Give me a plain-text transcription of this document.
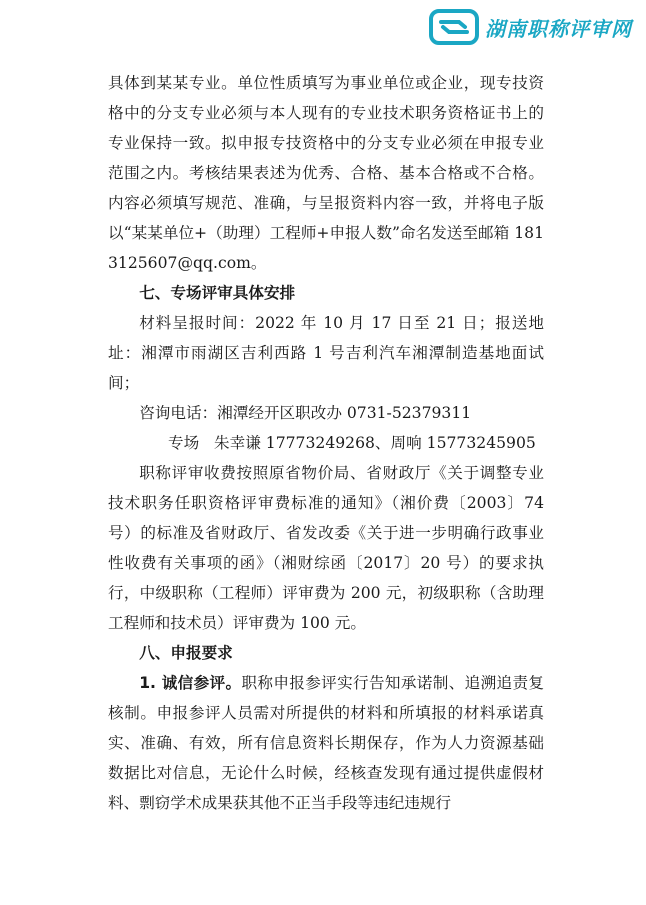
湖南职称评审网

具体到某某专业。单位性质填写为事业单位或企业，现专技资格中的分支专业必须与本人现有的专业技术职务资格证书上的专业保持一致。拟申报专技资格中的分支专业必须在申报专业范围之内。考核结果表述为优秀、合格、基本合格或不合格。内容必须填写规范、准确，与呈报资料内容一致，并将电子版以“某某单位+（助理）工程师+申报人数”命名发送至邮箱 1813125607@qq.com。

七、专场评审具体安排

材料呈报时间：2022 年 10 月 17 日至 21 日；报送地址：湘潭市雨湖区吉利西路 1 号吉利汽车湘潭制造基地面试间；

咨询电话：湘潭经开区职改办 0731-52379311

专场   朱幸谦 17773249268、周响 15773245905

职称评审收费按照原省物价局、省财政厅《关于调整专业技术职务任职资格评审费标准的通知》（湘价费〔2003〕74 号）的标准及省财政厅、省发改委《关于进一步明确行政事业性收费有关事项的函》（湘财综函〔2017〕20 号）的要求执行，中级职称（工程师）评审费为 200 元，初级职称（含助理工程师和技术员）评审费为 100 元。

八、申报要求

1. 诚信参评。职称申报参评实行告知承诺制、追溯追责复核制。申报参评人员需对所提供的材料和所填报的材料承诺真实、准确、有效，所有信息资料长期保存，作为人力资源基础数据比对信息，无论什么时候，经核查发现有通过提供虚假材料、剽窃学术成果获其他不正当手段等违纪违规行
